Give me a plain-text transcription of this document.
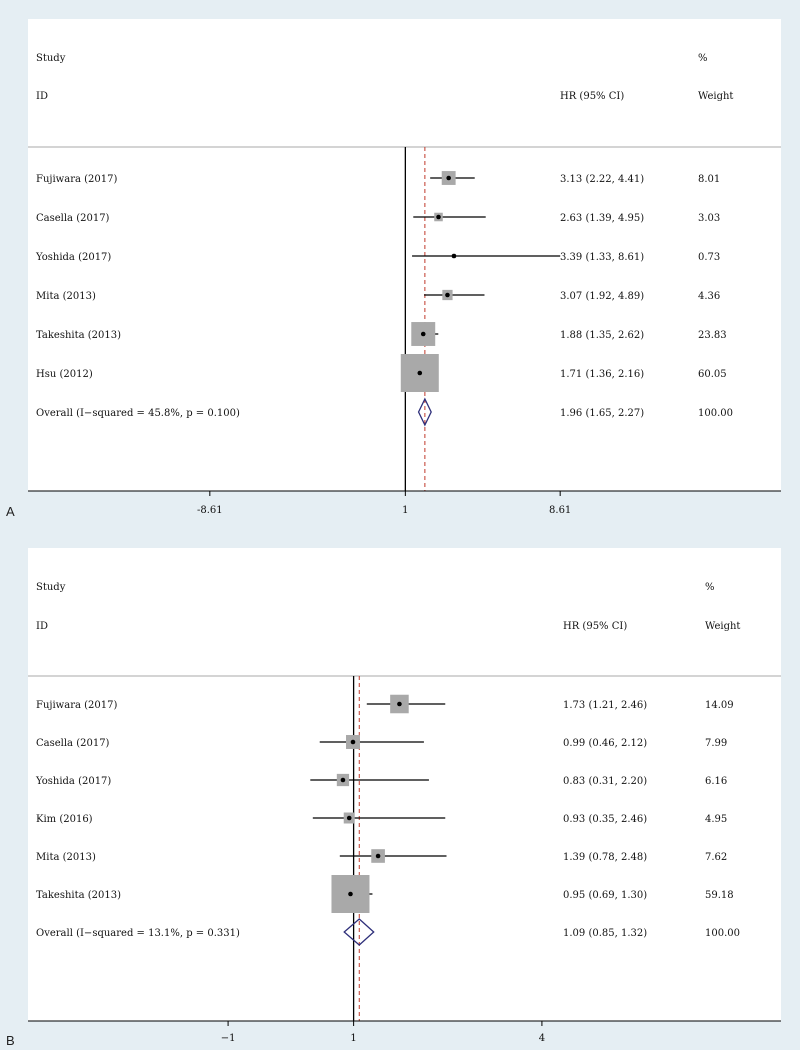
Study
ID	HR (95% CI)
%
Weight
Fujiwara (2017)	3.13 (2.22, 4.41)	8.01
Casella (2017)	2.63 (1.39, 4.95)	3.03
Yoshida (2017)	3.39 (1.33, 8.61)	0.73
Mita (2013)	3.07 (1.92, 4.89)	4.36
Takeshita (2013)	1.88 (1.35, 2.62)	23.83
Hsu (2012)	1.71 (1.36, 2.16)	60.05
Overall (I−squared = 45.8%, p = 0.100)	1.96 (1.65, 2.27)	100.00
-8.61	1	8.61
A
Study
ID	HR (95% CI)
%
Weight
Fujiwara (2017)	1.73 (1.21, 2.46)	14.09
Casella (2017)	0.99 (0.46, 2.12)	7.99
Yoshida (2017)	0.83 (0.31, 2.20)	6.16
Kim (2016)	0.93 (0.35, 2.46)	4.95
Mita (2013)	1.39 (0.78, 2.48)	7.62
Takeshita (2013)	0.95 (0.69, 1.30)	59.18
Overall (I−squared = 13.1%, p = 0.331)	1.09 (0.85, 1.32)	100.00
−1	1	4
B
